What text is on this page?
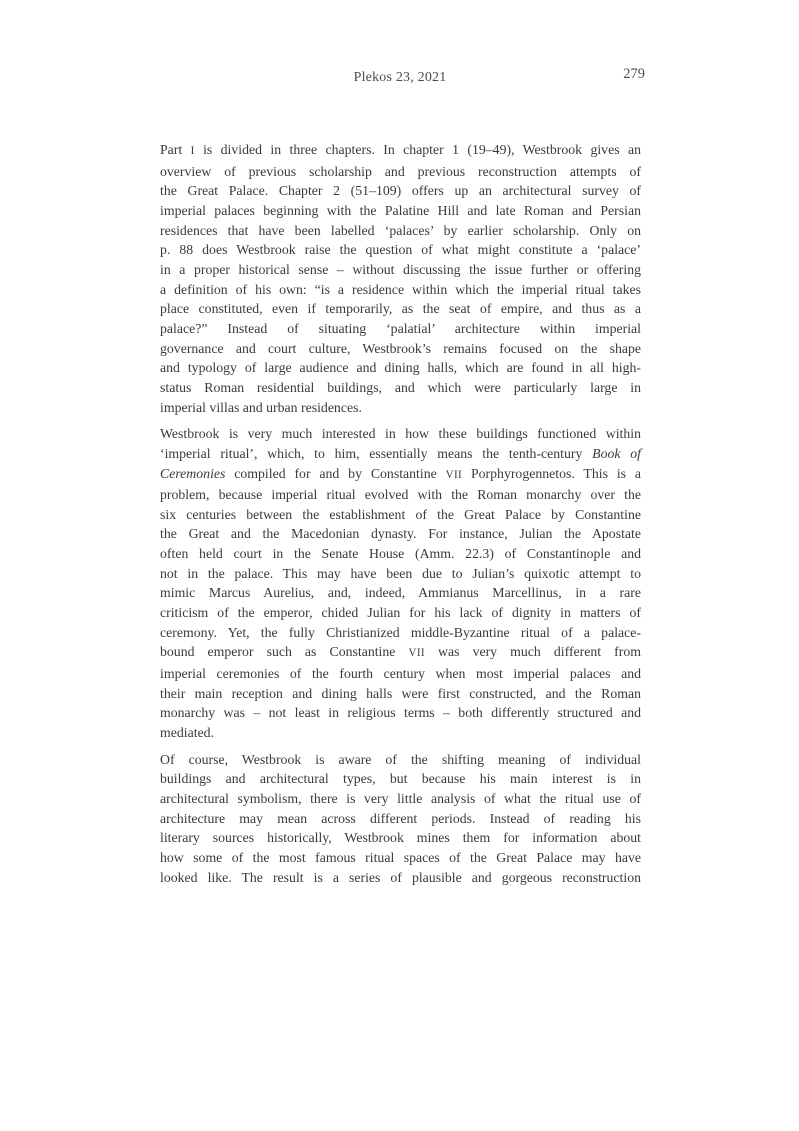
Plekos 23, 2021	279
Part I is divided in three chapters. In chapter 1 (19–49), Westbrook gives an
overview of previous scholarship and previous reconstruction attempts of
the Great Palace. Chapter 2 (51–109) offers up an architectural survey of
imperial palaces beginning with the Palatine Hill and late Roman and Persian
residences that have been labelled ‘palaces’ by earlier scholarship. Only on
p. 88 does Westbrook raise the question of what might constitute a ‘palace’
in a proper historical sense – without discussing the issue further or offering
a definition of his own: “is a residence within which the imperial ritual takes
place constituted, even if temporarily, as the seat of empire, and thus as a
palace?” Instead of situating ‘palatial’ architecture within imperial
governance and court culture, Westbrook’s remains focused on the shape
and typology of large audience and dining halls, which are found in all high-
status Roman residential buildings, and which were particularly large in
imperial villas and urban residences.
Westbrook is very much interested in how these buildings functioned within
‘imperial ritual’, which, to him, essentially means the tenth-century Book of
Ceremonies compiled for and by Constantine VII Porphyrogennetos. This is a
problem, because imperial ritual evolved with the Roman monarchy over the
six centuries between the establishment of the Great Palace by Constantine
the Great and the Macedonian dynasty. For instance, Julian the Apostate
often held court in the Senate House (Amm. 22.3) of Constantinople and
not in the palace. This may have been due to Julian’s quixotic attempt to
mimic Marcus Aurelius, and, indeed, Ammianus Marcellinus, in a rare
criticism of the emperor, chided Julian for his lack of dignity in matters of
ceremony. Yet, the fully Christianized middle-Byzantine ritual of a palace-
bound emperor such as Constantine VII was very much different from
imperial ceremonies of the fourth century when most imperial palaces and
their main reception and dining halls were first constructed, and the Roman
monarchy was – not least in religious terms – both differently structured and
mediated.
Of course, Westbrook is aware of the shifting meaning of individual
buildings and architectural types, but because his main interest is in
architectural symbolism, there is very little analysis of what the ritual use of
architecture may mean across different periods. Instead of reading his
literary sources historically, Westbrook mines them for information about
how some of the most famous ritual spaces of the Great Palace may have
looked like. The result is a series of plausible and gorgeous reconstruction
